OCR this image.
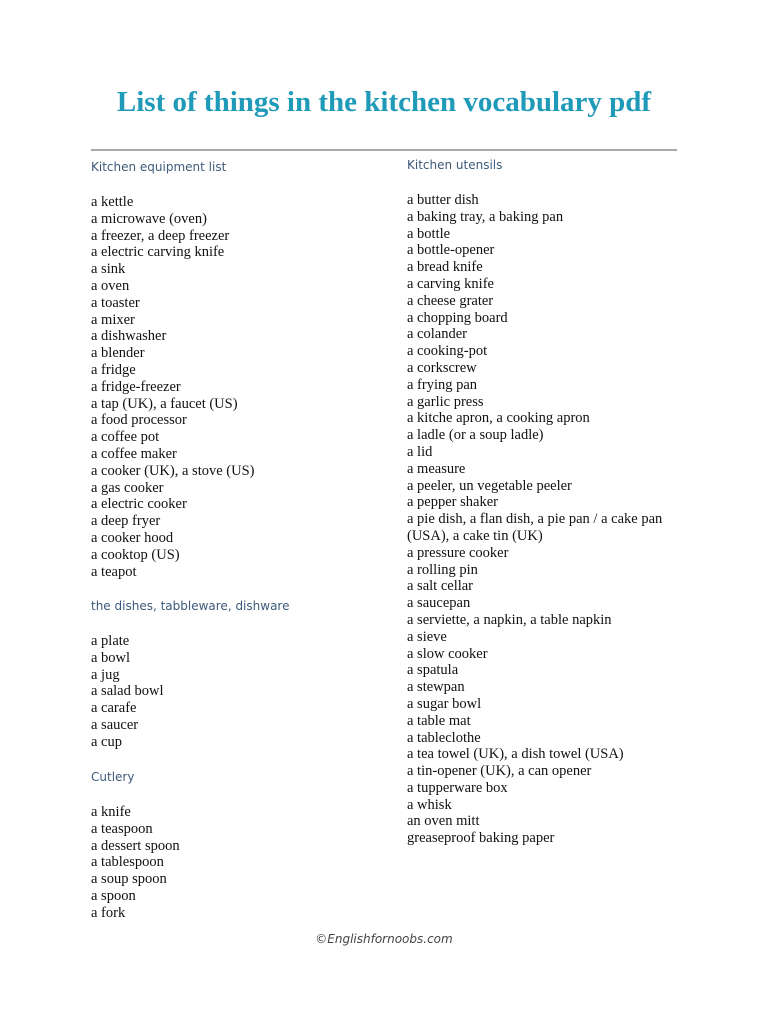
List of things in the kitchen vocabulary pdf
Kitchen equipment list
a kettle
a microwave (oven)
a freezer, a deep freezer
a electric carving knife
a sink
a oven
a toaster
a mixer
a dishwasher
a blender
a fridge
a fridge-freezer
a tap (UK), a faucet (US)
a food processor
a coffee pot
a coffee maker
a cooker (UK), a stove (US)
a gas cooker
a electric cooker
a deep fryer
a cooker hood
a cooktop (US)
a teapot
the dishes, tabbleware, dishware
a plate
a bowl
a jug
a salad bowl
a carafe
a saucer
a cup
Cutlery
a knife
a teaspoon
a dessert spoon
a tablespoon
a soup spoon
a spoon
a fork
Kitchen utensils
a butter dish
a baking tray, a baking pan
a bottle
a bottle-opener
a bread knife
a carving knife
a cheese grater
a chopping board
a colander
a cooking-pot
a corkscrew
a frying pan
a garlic press
a kitche apron, a cooking apron
a ladle (or a soup ladle)
a lid
a measure
a peeler, un vegetable peeler
a pepper shaker
a pie dish, a flan dish, a pie pan / a cake pan (USA), a cake tin (UK)
a pressure cooker
a rolling pin
a salt cellar
a saucepan
a serviette, a napkin, a table napkin
a sieve
a slow cooker
a spatula
a stewpan
a sugar bowl
a table mat
a tableclothe
a tea towel (UK), a dish towel (USA)
a tin-opener (UK), a can opener
a tupperware box
a whisk
an oven mitt
greaseproof baking paper
©Englishfornoobs.com
